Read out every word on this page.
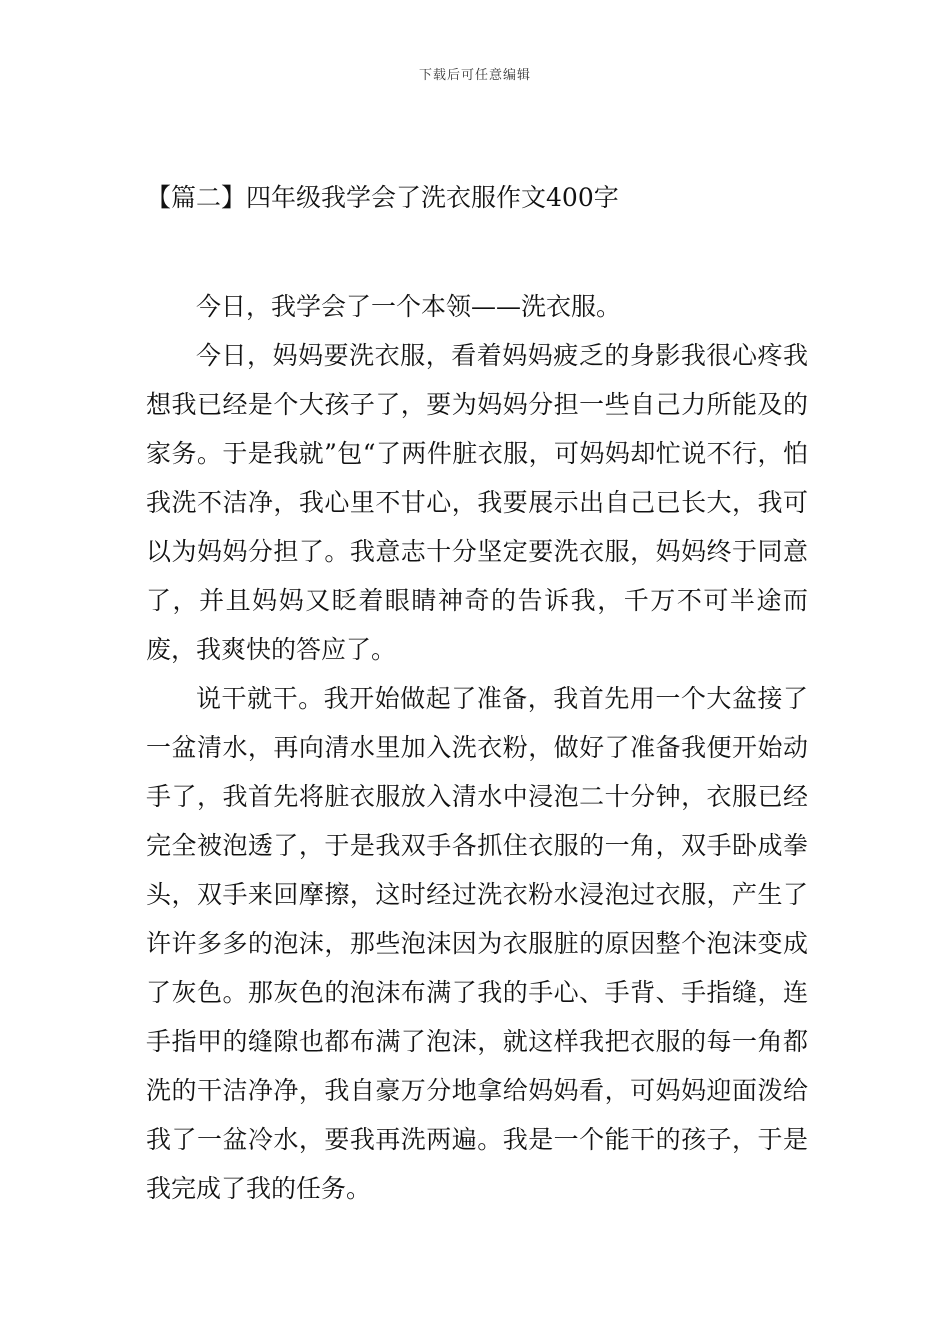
下载后可任意编辑
【篇二】四年级我学会了洗衣服作文400字

今日，我学会了一个本领——洗衣服。

今日，妈妈要洗衣服，看着妈妈疲乏的身影我很心疼我想我已经是个大孩子了，要为妈妈分担一些自己力所能及的家务。于是我就”包“了两件脏衣服，可妈妈却忙说不行，怕我洗不洁净，我心里不甘心，我要展示出自己已长大，我可以为妈妈分担了。我意志十分坚定要洗衣服，妈妈终于同意了，并且妈妈又眨着眼睛神奇的告诉我，千万不可半途而废，我爽快的答应了。

说干就干。我开始做起了准备，我首先用一个大盆接了一盆清水，再向清水里加入洗衣粉，做好了准备我便开始动手了，我首先将脏衣服放入清水中浸泡二十分钟，衣服已经完全被泡透了，于是我双手各抓住衣服的一角，双手卧成拳头，双手来回摩擦，这时经过洗衣粉水浸泡过衣服，产生了许许多多的泡沫，那些泡沫因为衣服脏的原因整个泡沫变成了灰色。那灰色的泡沫布满了我的手心、手背、手指缝，连手指甲的缝隙也都布满了泡沫，就这样我把衣服的每一角都洗的干洁净净，我自豪万分地拿给妈妈看，可妈妈迎面泼给我了一盆冷水，要我再洗两遍。我是一个能干的孩子，于是我完成了我的任务。
